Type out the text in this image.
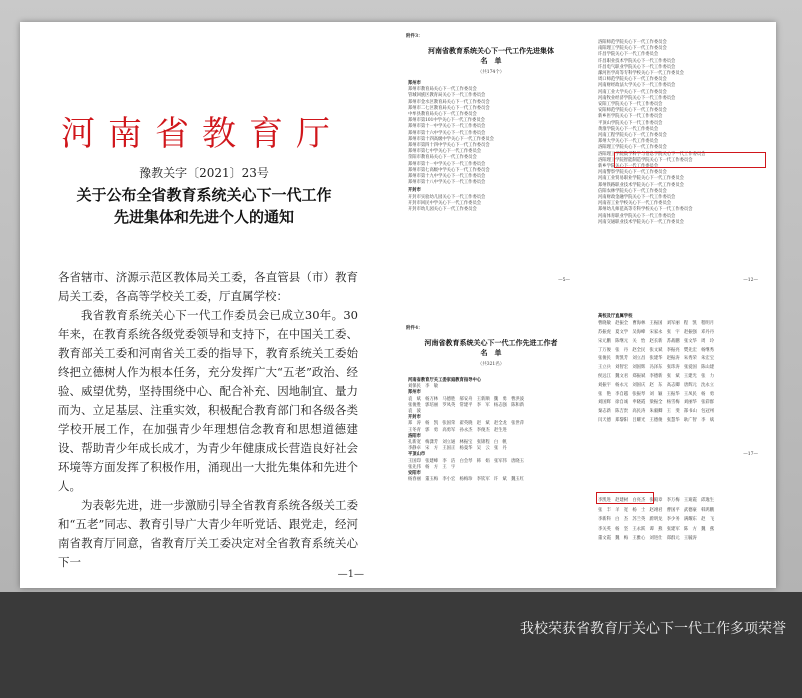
河南省教育厅
豫教关字〔2021〕23号
关于公布全省教育系统关心下一代工作
先进集体和先进个人的通知

各省辖市、济源示范区教体局关工委，各直管县（市）教育局关工委，各高等学校关工委，厅直属学校：

我省教育系统关心下一代工作委员会已成立30年。30年来，在教育系统各级党委领导和支持下，在中国关工委、教育部关工委和河南省关工委的指导下，教育系统关工委始终把立德树人作为根本任务，充分发挥广大“五老”政治、经验、威望优势，坚持围绕中心、配合补充、因地制宜、量力而为、立足基层、注重实效，积极配合教育部门和各级各类学校开展工作，在加强青少年理想信念教育和思想道德建设、帮助青少年成长成才，为青少年健康成长营造良好社会环境等方面发挥了积极作用，涌现出一大批先集体和先进个人。

为表彰先进，进一步激励引导全省教育系统各级关工委和“五老”同志、教育引导广大青少年听党话、跟党走，经河南省教育厅同意，省教育厅关工委决定对全省教育系统关心下一

—1—
附件3：
河南省教育系统关心下一代工作先进集体
名　单
（共174个）
郑州市
郑州市教育局关心下一代工作委员会
管城回族区教育局关心下一代工作委员会
郑州市金水区教育局关心下一代工作委员会
郑州市二七区教育局关心下一代工作委员会
中牟县教育局关心下一代工作委员会
郑州市第101中学关心下一代工作委员会
郑州市第十一中学关心下一代工作委员会
郑州市第十六中学关心下一代工作委员会
郑州市第十四高级中学关心下一代工作委员会
郑州市第四十四中学关心下一代工作委员会
郑州市第七中学关心下一代工作委员会
荥阳市教育局关心下一代工作委员会
郑州市第十一中学关心下一代工作委员会
郑州市第七高级中学关心下一代工作委员会
郑州市第十九中学关心下一代工作委员会
郑州市第十八中学关心下一代工作委员会
开封市
开封市实验幼儿园关心下一代工作委员会
开封市回民中学关心下一代工作委员会
开封市幼儿园关心下一代工作委员会
—5—
洛阳师范学院关心下一代工作委员会
南阳理工学院关心下一代工作委员会
许昌学院关心下一代工作委员会
许昌职业技术学院关心下一代工作委员会
许昌电气职业学院关心下一代工作委员会
漯河医学高等专科学校关心下一代工作委员会
周口师范学院关心下一代工作委员会
河南财经政法大学关心下一代工作委员会
河南工业大学关心下一代工作委员会
河南牧业经济学院关心下一代工作委员会
安阳工学院关心下一代工作委员会
安阳师范学院关心下一代工作委员会
新乡医学院关心下一代工作委员会
平顶山学院关心下一代工作委员会
黄淮学院关心下一代工作委员会
河南工程学院关心下一代工作委员会
郑州大学关心下一代工作委员会
洛阳理工学院关心下一代工作委员会
洛阳理工学院数学科学与信息学院关心下一代工作委员会
洛阳理工学院智能制造学院关心下一代工作委员会
新乡学院关心下一代工作委员会
河南警察学院关心下一代工作委员会
河南工业贸易职业学院关心下一代工作委员会
郑州铁路职业技术学院关心下一代工作委员会
信阳农林学院关心下一代工作委员会
河南财政金融学院关心下一代工作委员会
河南省工业学校关心下一代工作委员会
郑州幼儿师范高等专科学校关心下一代工作委员会
河南体育职业学院关心下一代工作委员会
河南交通职业技术学院关心下一代工作委员会
—12—
附件4：
河南省教育系统关心下一代工作先进工作者
名　单
（共321名）
河南省教育厅关工委家庭教育指导中心
刘保民　李　敏
郑州市
袁　斌　杨万林　马德胜　郝安舟　王新顺　魏　勇　曹洪波
张俊胜　郭培丽　罗凤英　常建平　李　军　杨志强　陈和新
袁　波
开封市
郑　涛　杨　凯　张国荣　翟英晓　赵　斌　赵全龙　张世萍
王冬青　郭　勇　高勇军　孙永杰　李俊杰　赵生进
洛阳市
孔新宽　梅潇芳　刘立通　林振宝　张锦程　白　帆
李静卓　宋　方　王国正　杨曼华　吴　云　张　丹
平顶山市
王国印　张建峰　李　洁　白会琴　韩　娟　张军伟　唐晓玉
张先伟　杨　方　王　宇
安阳市
杨春丽　董玉梅　李小宏　杨梅珍　李钦军　许　斌　魏玉红
高校及厅直属学校
曹晓敏　赵振全　曹海林　王振国　刘军丽　程　凯　程明月
苏振虎　夏文学　吴海峰　宋家永　张　宇　赵振强　邓丹丹
宋元鹏　陈继元　关　怡　赵长新　苏战鹏　张文华　周　玲
丁万俊　张　丹　赵全民　张文斌　李振亮　樊先宏　杨继秀
张俊民　黄凯芳　刘立昌　张建华　赵振涛　朱秀荣　朱宏宝
王立兵　刘智宏　刘国辉　冯泽东　张玮涛　张爱国　陈山建
侯远江　魏文君　郑振斌　李德新　张　斌　王建光　张　力
刘振宇　杨永元　刘国庆　赵　东　高志卿　唐辉元　沈永立
张　艳　李自越　张振琴　刘　颖　王振华　王凤民　杨　勇
刘国辉　徐自诚　申晓霞　梁振全　杨雪梅　刘丽华　张彩群
秦志新　陈吉贵　高民涛　朱毅卿　王　斐　郜书山　包冠州
闫天德　郑黎阳　吕耀光　王德俊　张慧华　耿广智　李　斌
—17—
李凯进　赵建树　白亮杰　张殿章　李万梅　王迪霞　邱逸生
张　丰　羊　宽　杨　士　赵翊君　曹国平　武德豪　韩鸿鹏
李新科　白　杰　苏兰英　蔚明龙　李少务　满耀东　赵　飞
李关英　杨　坚　王永跃　谭　燕　张建军　陈　方　魏　燕
董文霞　魏　梅　王雅心　刘进仕　郑群元　王毓涛
我校荣获省教育厅关心下一代工作多项荣誉
